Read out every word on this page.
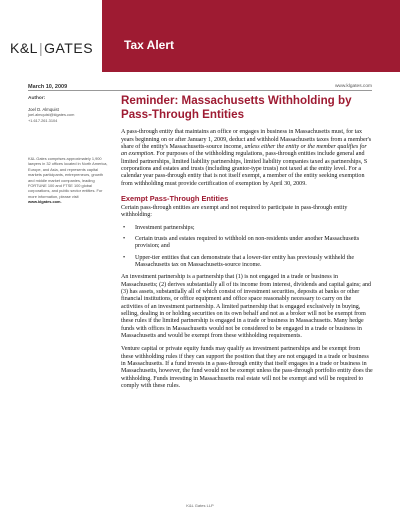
K&L|GATES	Tax Alert
March 10, 2009	www.klgates.com
Author:
Joel D. Almquist
joel.almquist@klgates.com
+1.617.261.3104
K&L Gates comprises approximately 1,900 lawyers in 32 offices located in North America, Europe, and Asia, and represents capital markets participants, entrepreneurs, growth and middle market companies, leading FORTUNE 100 and FTSE 100 global corporations, and public sector entities. For more information, please visit www.klgates.com.
Reminder: Massachusetts Withholding by Pass-Through Entities

A pass-through entity that maintains an office or engages in business in Massachusetts must, for tax years beginning on or after January 1, 2009, deduct and withhold Massachusetts taxes from a member's share of the entity's Massachusetts-source income, unless either the entity or the member qualifies for an exemption. For purposes of the withholding regulations, pass-through entities include general and limited partnerships, limited liability partnerships, limited liability companies taxed as partnerships, S corporations and estates and trusts (including grantor-type trusts) not taxed at the entity level. For a calendar year pass-through entity that is not itself exempt, a member of the entity seeking exemption from withholding must provide certification of exemption by April 30, 2009.

Exempt Pass-Through Entities

Certain pass-through entities are exempt and not required to participate in pass-through entity withholding:

• Investment partnerships;
• Certain trusts and estates required to withhold on non-residents under another Massachusetts provision; and
• Upper-tier entities that can demonstrate that a lower-tier entity has previously withheld the Massachusetts tax on Massachusetts-source income.

An investment partnership is a partnership that (1) is not engaged in a trade or business in Massachusetts; (2) derives substantially all of its income from interest, dividends and capital gains; and (3) has assets, substantially all of which consist of investment securities, deposits at banks or other financial institutions, or office equipment and office space reasonably necessary to carry on the activities of an investment partnership. A limited partnership that is engaged exclusively in buying, selling, dealing in or holding securities on its own behalf and not as a broker will not be exempt from these rules if the limited partnership is engaged in a trade or business in Massachusetts. Many hedge funds with offices in Massachusetts would not be considered to be engaged in a trade or business in Massachusetts and would be exempt from these withholding requirements.

Venture capital or private equity funds may qualify as investment partnerships and be exempt from these withholding rules if they can support the position that they are not engaged in a trade or business in Massachusetts. If a fund invests in a pass-through entity that itself engages in a trade or business in Massachusetts, however, the fund would not be exempt unless the pass-through portfolio entity does the withholding. Funds investing in Massachusetts real estate will not be exempt and will be required to comply with these rules.

K&L Gates LLP
